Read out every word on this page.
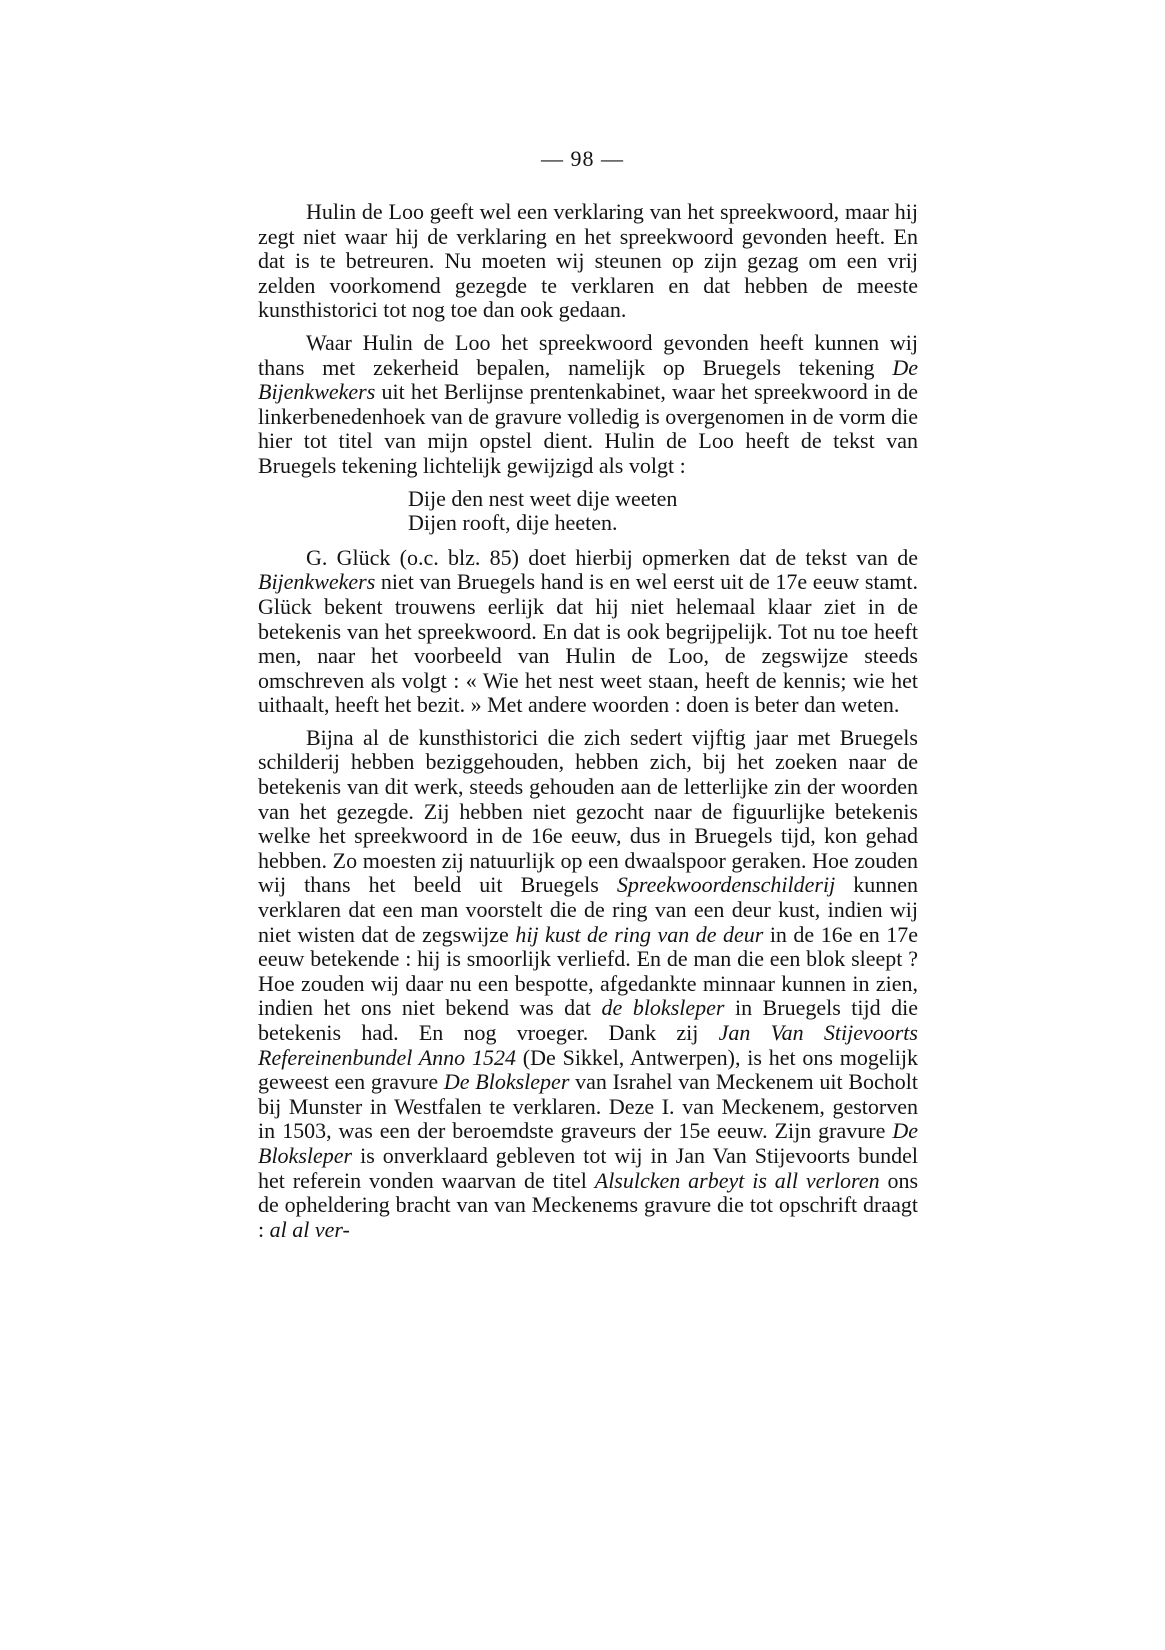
— 98 —

Hulin de Loo geeft wel een verklaring van het spreekwoord, maar hij zegt niet waar hij de verklaring en het spreekwoord gevonden heeft. En dat is te betreuren. Nu moeten wij steunen op zijn gezag om een vrij zelden voorkomend gezegde te verklaren en dat hebben de meeste kunsthistorici tot nog toe dan ook gedaan.

Waar Hulin de Loo het spreekwoord gevonden heeft kunnen wij thans met zekerheid bepalen, namelijk op Bruegels tekening De Bijenkwekers uit het Berlijnse prentenkabinet, waar het spreekwoord in de linkerbenedenhoek van de gravure volledig is overgenomen in de vorm die hier tot titel van mijn opstel dient. Hulin de Loo heeft de tekst van Bruegels tekening lichtelijk gewijzigd als volgt :

Dije den nest weet dije weeten
Dijen rooft, dije heeten.

G. Glück (o.c. blz. 85) doet hierbij opmerken dat de tekst van de Bijenkwekers niet van Bruegels hand is en wel eerst uit de 17e eeuw stamt. Glück bekent trouwens eerlijk dat hij niet helemaal klaar ziet in de betekenis van het spreekwoord. En dat is ook begrijpelijk. Tot nu toe heeft men, naar het voorbeeld van Hulin de Loo, de zegswijze steeds omschreven als volgt : « Wie het nest weet staan, heeft de kennis; wie het uithaalt, heeft het bezit. » Met andere woorden : doen is beter dan weten.

Bijna al de kunsthistorici die zich sedert vijftig jaar met Bruegels schilderij hebben beziggehouden, hebben zich, bij het zoeken naar de betekenis van dit werk, steeds gehouden aan de letterlijke zin der woorden van het gezegde. Zij hebben niet gezocht naar de figuurlijke betekenis welke het spreekwoord in de 16e eeuw, dus in Bruegels tijd, kon gehad hebben. Zo moesten zij natuurlijk op een dwaalspoor geraken. Hoe zouden wij thans het beeld uit Bruegels Spreekwoordenschilderij kunnen verklaren dat een man voorstelt die de ring van een deur kust, indien wij niet wisten dat de zegswijze hij kust de ring van de deur in de 16e en 17e eeuw betekende : hij is smoorlijk verliefd. En de man die een blok sleept ? Hoe zouden wij daar nu een bespotte, afgedankte minnaar kunnen in zien, indien het ons niet bekend was dat de bloksleper in Bruegels tijd die betekenis had. En nog vroeger. Dank zij Jan Van Stijevoorts Refereinenbundel Anno 1524 (De Sikkel, Antwerpen), is het ons mogelijk geweest een gravure De Bloksleper van Israhel van Meckenem uit Bocholt bij Munster in Westfalen te verklaren. Deze I. van Meckenem, gestorven in 1503, was een der beroemdste graveurs der 15e eeuw. Zijn gravure De Bloksleper is onverklaard gebleven tot wij in Jan Van Stijevoorts bundel het referein vonden waarvan de titel Alsulcken arbeyt is all verloren ons de opheldering bracht van van Meckenems gravure die tot opschrift draagt : al al ver-
